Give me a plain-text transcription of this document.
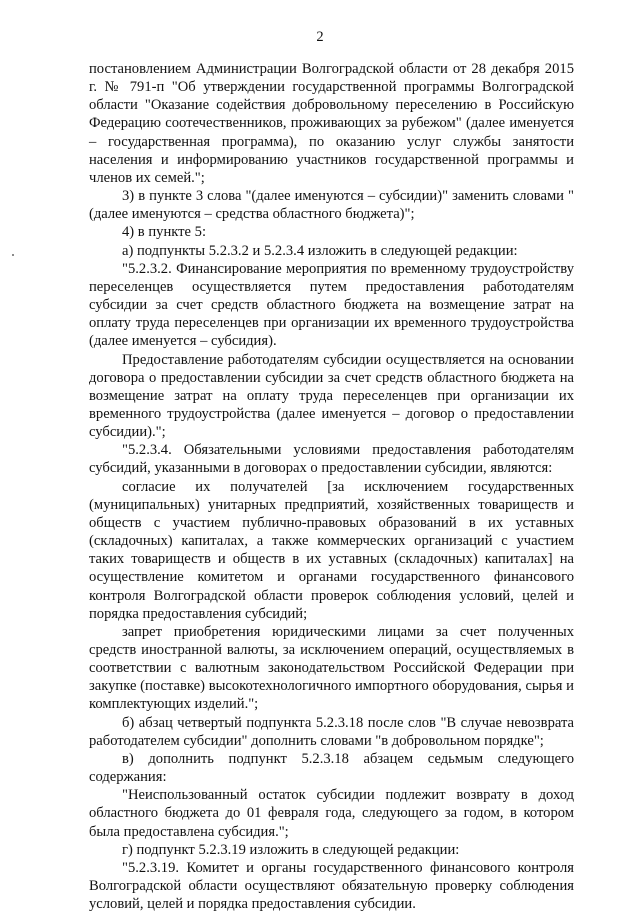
2

постановлением Администрации Волгоградской области от 28 декабря 2015 г. № 791-п "Об утверждении государственной программы Волгоградской области "Оказание содействия добровольному переселению в Российскую Федерацию соотечественников, проживающих за рубежом" (далее именуется – государственная программа), по оказанию услуг службы занятости населения и информированию участников государственной программы и членов их семей.";

3) в пункте 3 слова "(далее именуются – субсидии)" заменить словами "(далее именуются – средства областного бюджета)";

4) в пункте 5:

а) подпункты 5.2.3.2 и 5.2.3.4 изложить в следующей редакции:

"5.2.3.2. Финансирование мероприятия по временному трудоустройству переселенцев осуществляется путем предоставления работодателям субсидии за счет средств областного бюджета на возмещение затрат на оплату труда переселенцев при организации их временного трудоустройства (далее именуется – субсидия).

Предоставление работодателям субсидии осуществляется на основании договора о предоставлении субсидии за счет средств областного бюджета на возмещение затрат на оплату труда переселенцев при организации их временного трудоустройства (далее именуется – договор о предоставлении субсидии).";

"5.2.3.4. Обязательными условиями предоставления работодателям субсидий, указанными в договорах о предоставлении субсидии, являются:

согласие их получателей [за исключением государственных (муниципальных) унитарных предприятий, хозяйственных товариществ и обществ с участием публично-правовых образований в их уставных (складочных) капиталах, а также коммерческих организаций с участием таких товариществ и обществ в их уставных (складочных) капиталах] на осуществление комитетом и органами государственного финансового контроля Волгоградской области проверок соблюдения условий, целей и порядка предоставления субсидий;

запрет приобретения юридическими лицами за счет полученных средств иностранной валюты, за исключением операций, осуществляемых в соответствии с валютным законодательством Российской Федерации при закупке (поставке) высокотехнологичного импортного оборудования, сырья и комплектующих изделий.";

б) абзац четвертый подпункта 5.2.3.18 после слов "В случае невозврата работодателем субсидии" дополнить словами "в добровольном порядке";

в) дополнить подпункт 5.2.3.18 абзацем седьмым следующего содержания:

"Неиспользованный остаток субсидии подлежит возврату в доход областного бюджета до 01 февраля года, следующего за годом, в котором была предоставлена субсидия.";

г) подпункт 5.2.3.19 изложить в следующей редакции:

"5.2.3.19. Комитет и органы государственного финансового контроля Волгоградской области осуществляют обязательную проверку соблюдения условий, целей и порядка предоставления субсидии.
